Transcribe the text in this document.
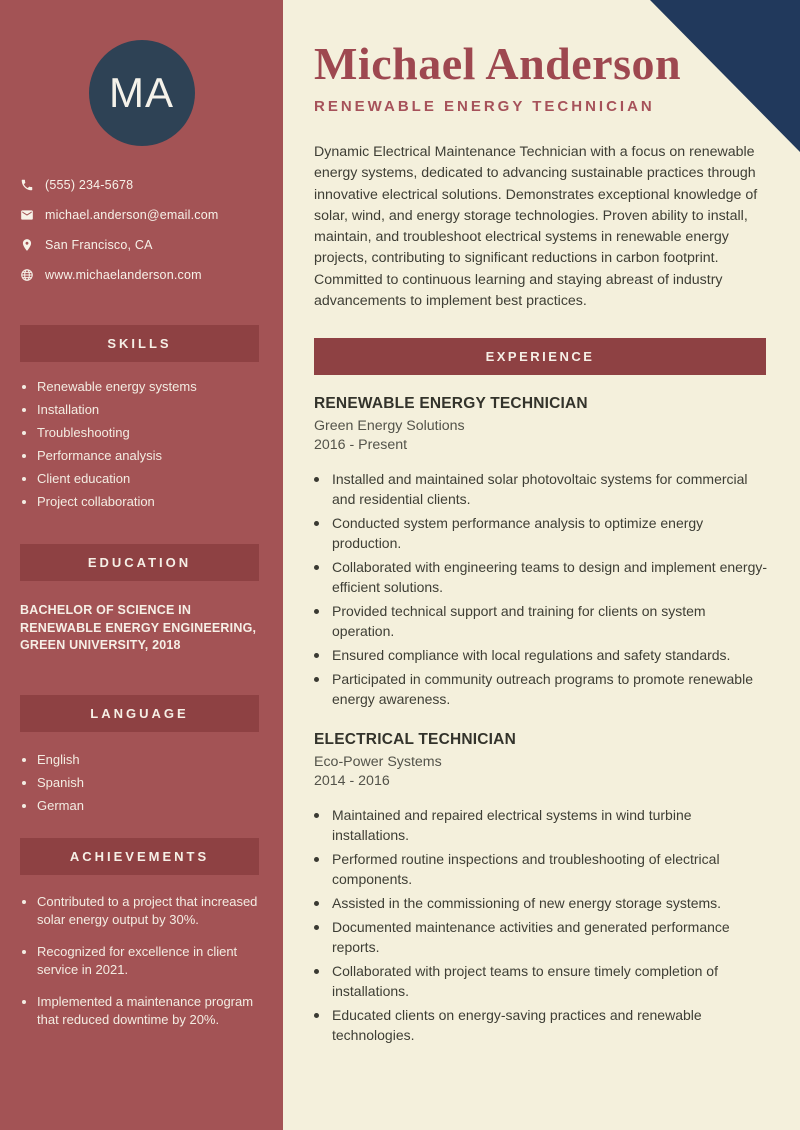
MA
(555) 234-5678
michael.anderson@email.com
San Francisco, CA
www.michaelanderson.com
SKILLS
Renewable energy systems
Installation
Troubleshooting
Performance analysis
Client education
Project collaboration
EDUCATION
BACHELOR OF SCIENCE IN RENEWABLE ENERGY ENGINEERING, GREEN UNIVERSITY, 2018
LANGUAGE
English
Spanish
German
ACHIEVEMENTS
Contributed to a project that increased solar energy output by 30%.
Recognized for excellence in client service in 2021.
Implemented a maintenance program that reduced downtime by 20%.
Michael Anderson
RENEWABLE ENERGY TECHNICIAN
Dynamic Electrical Maintenance Technician with a focus on renewable energy systems, dedicated to advancing sustainable practices through innovative electrical solutions. Demonstrates exceptional knowledge of solar, wind, and energy storage technologies. Proven ability to install, maintain, and troubleshoot electrical systems in renewable energy projects, contributing to significant reductions in carbon footprint. Committed to continuous learning and staying abreast of industry advancements to implement best practices.
EXPERIENCE
RENEWABLE ENERGY TECHNICIAN
Green Energy Solutions
2016 - Present
Installed and maintained solar photovoltaic systems for commercial and residential clients.
Conducted system performance analysis to optimize energy production.
Collaborated with engineering teams to design and implement energy-efficient solutions.
Provided technical support and training for clients on system operation.
Ensured compliance with local regulations and safety standards.
Participated in community outreach programs to promote renewable energy awareness.
ELECTRICAL TECHNICIAN
Eco-Power Systems
2014 - 2016
Maintained and repaired electrical systems in wind turbine installations.
Performed routine inspections and troubleshooting of electrical components.
Assisted in the commissioning of new energy storage systems.
Documented maintenance activities and generated performance reports.
Collaborated with project teams to ensure timely completion of installations.
Educated clients on energy-saving practices and renewable technologies.
